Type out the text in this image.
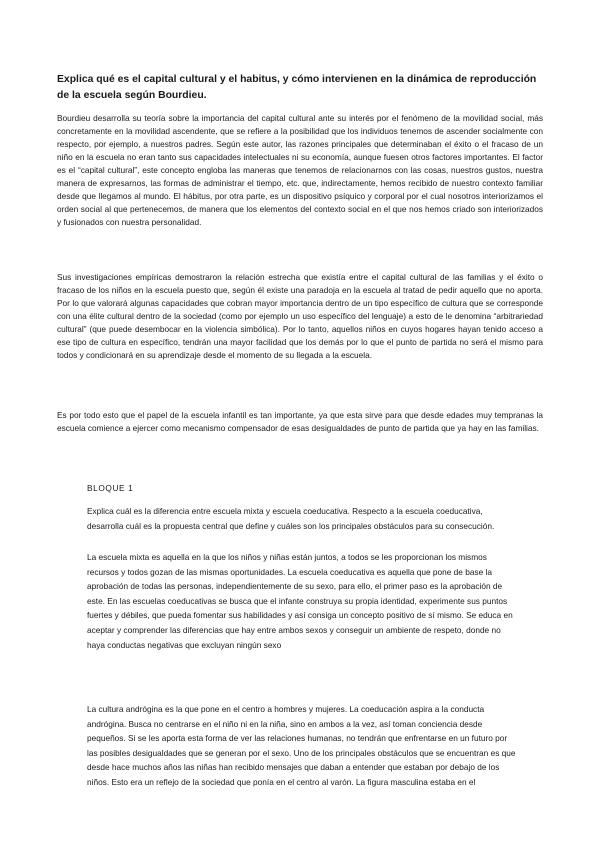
Explica qué es el capital cultural y el habitus, y cómo intervienen en la dinámica de reproducción de la escuela según Bourdieu.

Bourdieu desarrolla su teoría sobre la importancia del capital cultural ante su interés por el fenómeno de la movilidad social, más concretamente en la movilidad ascendente, que se refiere a la posibilidad que los individuos tenemos de ascender socialmente con respecto, por ejemplo, a nuestros padres. Según este autor, las razones principales que determinaban el éxito o el fracaso de un niño en la escuela no eran tanto sus capacidades intelectuales ni su economía, aunque fuesen otros factores importantes. El factor es el “capital cultural”, este concepto engloba las maneras que tenemos de relacionarnos con las cosas, nuestros gustos, nuestra manera de expresarnos, las formas de administrar el tiempo, etc. que, indirectamente, hemos recibido de nuestro contexto familiar desde que llegamos al mundo. El hábitus, por otra parte, es un dispositivo psíquico y corporal por el cual nosotros interiorizamos el orden social al que pertenecemos, de manera que los elementos del contexto social en el que nos hemos criado son interiorizados y fusionados con nuestra personalidad.

Sus investigaciones empíricas demostraron la relación estrecha que existía entre el capital cultural de las familias y el éxito o fracaso de los niños en la escuela puesto que, según él existe una paradoja en la escuela al tratad de pedir aquello que no aporta. Por lo que valorará algunas capacidades que cobran mayor importancia dentro de un tipo específico de cultura que se corresponde con una élite cultural dentro de la sociedad (como por ejemplo un uso específico del lenguaje) a esto de le denomina “arbitrariedad cultural” (que puede desembocar en la violencia simbólica). Por lo tanto, aquellos niños en cuyos hogares hayan tenido acceso a ese tipo de cultura en específico, tendrán una mayor facilidad que los demás por lo que el punto de partida no será el mismo para todos y condicionará en su aprendizaje desde el momento de su llegada a la escuela.

Es por todo esto que el papel de la escuela infantil es tan importante, ya que esta sirve para que desde edades muy tempranas la escuela comience a ejercer como mecanismo compensador de esas desigualdades de punto de partida que ya hay en las familias.

BLOQUE 1

Explica cuál es la diferencia entre escuela mixta y escuela coeducativa. Respecto a la escuela coeducativa, desarrolla cuál es la propuesta central que define y cuáles son los principales obstáculos para su consecución.

La escuela mixta es aquella en la que los niños y niñas están juntos, a todos se les proporcionan los mismos recursos y todos gozan de las mismas oportunidades. La escuela coeducativa es aquella que pone de base la aprobación de todas las personas, independientemente de su sexo, para ello, el primer paso es la aprobación de este. En las escuelas coeducativas se busca que el infante construya su propia identidad, experimente sus puntos fuertes y débiles, que pueda fomentar sus habilidades y así consiga un concepto positivo de sí mismo. Se educa en aceptar y comprender las diferencias que hay entre ambos sexos y conseguir un ambiente de respeto, donde no haya conductas negativas que excluyan ningún sexo

La cultura andrógina es la que pone en el centro a hombres y mujeres. La coeducación aspira a la conducta andrógina. Busca no centrarse en el niño ni en la niña, sino en ambos a la vez, así toman conciencia desde pequeños. Si se les aporta esta forma de ver las relaciones humanas, no tendrán que enfrentarse en un futuro por las posibles desigualdades que se generan por el sexo. Uno de los principales obstáculos que se encuentran es que desde hace muchos años las niñas han recibido mensajes que daban a entender que estaban por debajo de los niños. Esto era un reflejo de la sociedad que ponía en el centro al varón. La figura masculina estaba en el
